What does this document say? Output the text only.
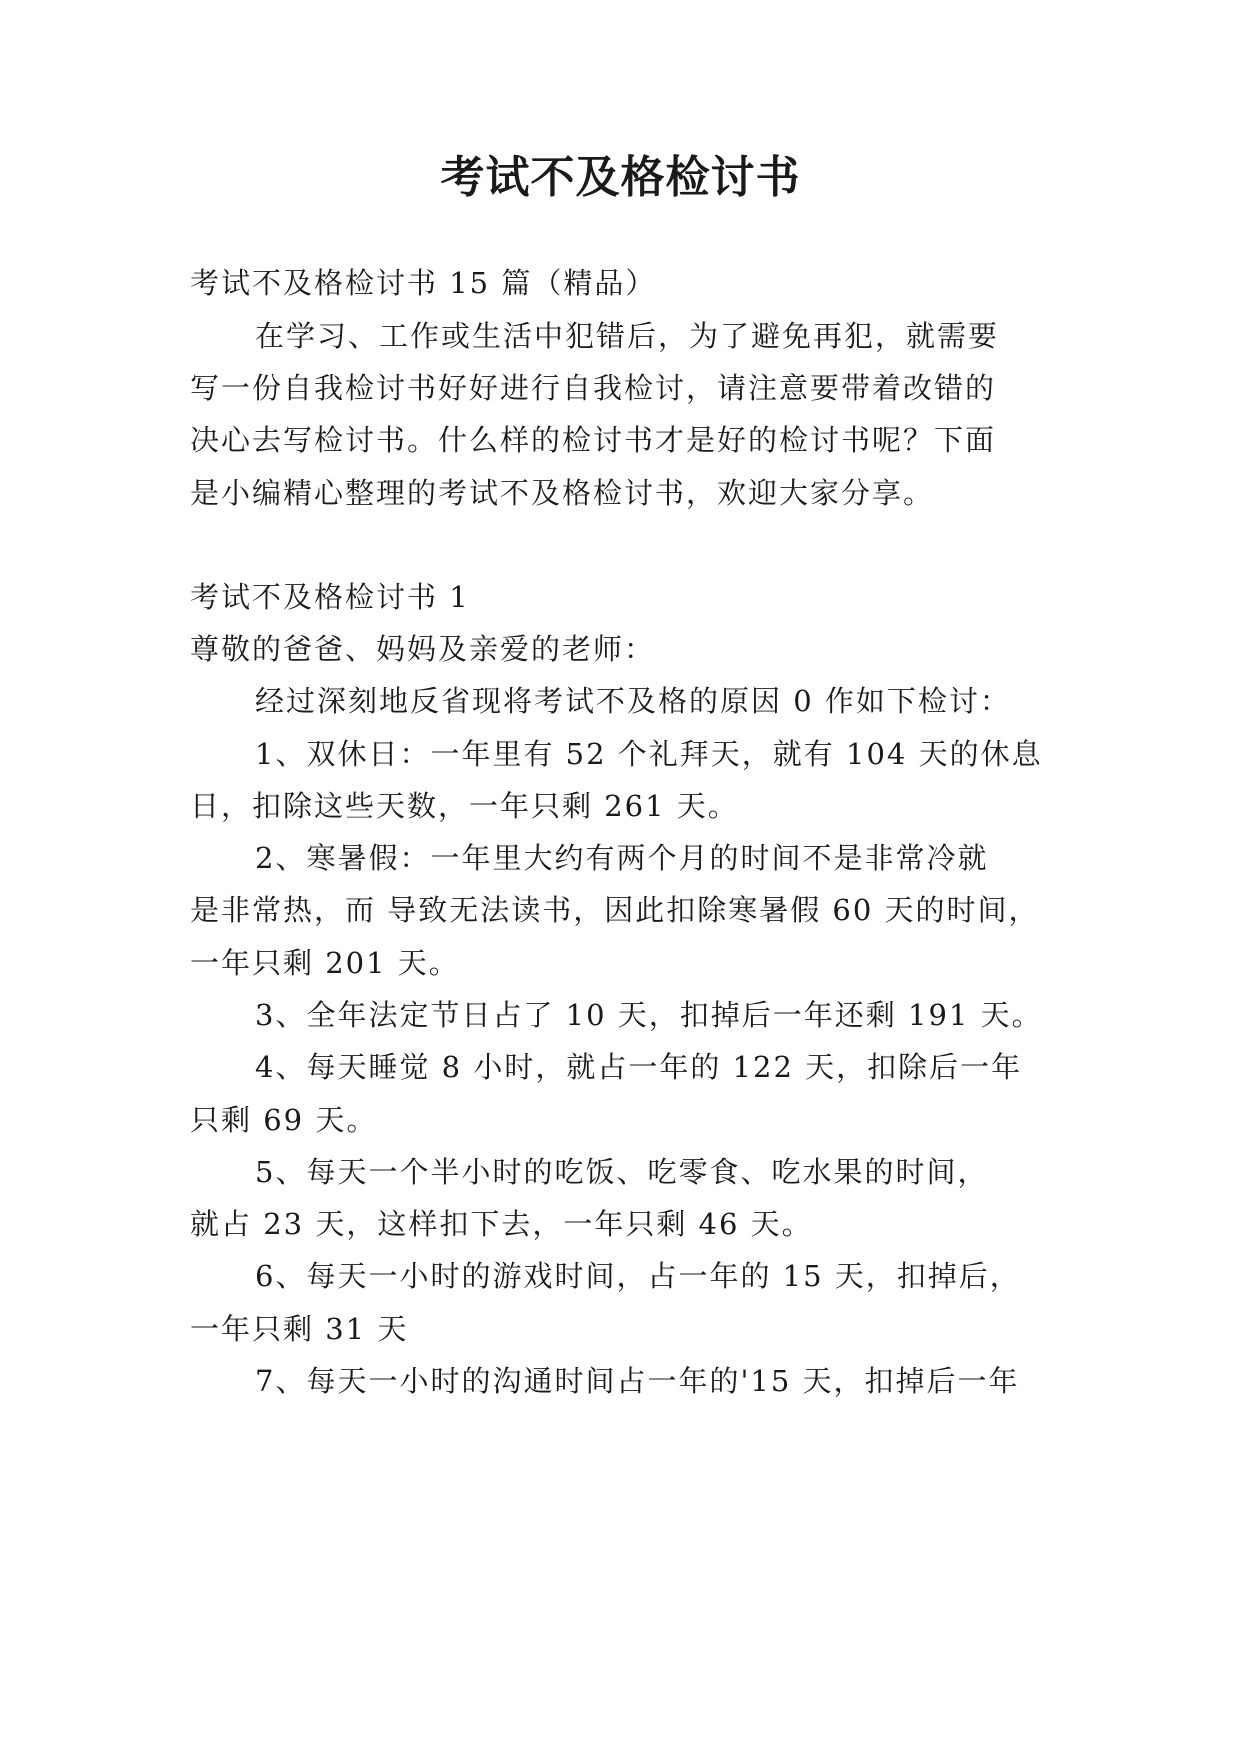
考试不及格检讨书
考试不及格检讨书 15 篇（精品）
在学习、工作或生活中犯错后，为了避免再犯，就需要
写一份自我检讨书好好进行自我检讨，请注意要带着改错的
决心去写检讨书。什么样的检讨书才是好的检讨书呢？下面
是小编精心整理的考试不及格检讨书，欢迎大家分享。
考试不及格检讨书 1
尊敬的爸爸、妈妈及亲爱的老师：
经过深刻地反省现将考试不及格的原因 0 作如下检讨：
1、双休日：一年里有 52 个礼拜天，就有 104 天的休息
日，扣除这些天数，一年只剩 261 天。
2、寒暑假：一年里大约有两个月的时间不是非常冷就
是非常热，而 导致无法读书，因此扣除寒暑假 60 天的时间，
一年只剩 201 天。
3、全年法定节日占了 10 天，扣掉后一年还剩 191 天。
4、每天睡觉 8 小时，就占一年的 122 天，扣除后一年
只剩 69 天。
5、每天一个半小时的吃饭、吃零食、吃水果的时间，
就占 23 天，这样扣下去，一年只剩 46 天。
6、每天一小时的游戏时间，占一年的 15 天，扣掉后，
一年只剩 31 天
7、每天一小时的沟通时间占一年的'15 天，扣掉后一年
